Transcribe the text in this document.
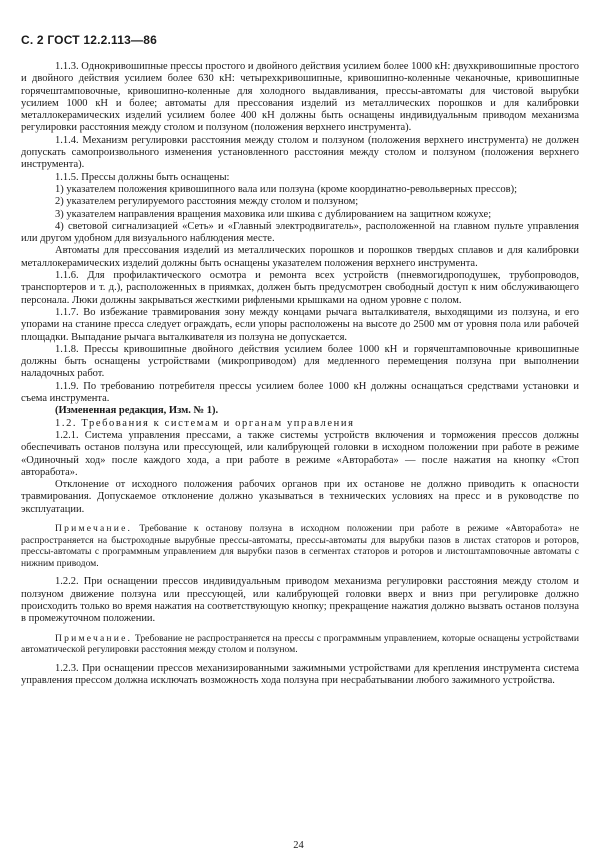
С. 2 ГОСТ 12.2.113—86

1.1.3. Однокривошипные прессы простого и двойного действия усилием более 1000 кН: двухкривошипные простого и двойного действия усилием более 630 кН: четырехкривошипные, кривошипно-коленные чеканочные, кривошипные горячештамповочные, кривошипно-коленные для холодного выдавливания, прессы-автоматы для чистовой вырубки усилием 1000 кН и более; автоматы для прессования изделий из металлических порошков и для калибровки металлокерамических изделий усилием более 400 кН должны быть оснащены индивидуальным приводом механизма регулировки расстояния между столом и ползуном (положения верхнего инструмента).

1.1.4. Механизм регулировки расстояния между столом и ползуном (положения верхнего инструмента) не должен допускать самопроизвольного изменения установленного расстояния между столом и ползуном (положения верхнего инструмента).

1.1.5. Прессы должны быть оснащены:

1) указателем положения кривошипного вала или ползуна (кроме координатно-револьверных прессов);

2) указателем регулируемого расстояния между столом и ползуном;

3) указателем направления вращения маховика или шкива с дублированием на защитном кожухе;

4) световой сигнализацией «Сеть» и «Главный электродвигатель», расположенной на главном пульте управления или другом удобном для визуального наблюдения месте.

Автоматы для прессования изделий из металлических порошков и порошков твердых сплавов и для калибровки металлокерамических изделий должны быть оснащены указателем положения верхнего инструмента.

1.1.6. Для профилактического осмотра и ремонта всех устройств (пневмогидроподушек, трубопроводов, транспортеров и т. д.), расположенных в приямках, должен быть предусмотрен свободный доступ к ним обслуживающего персонала. Люки должны закрываться жесткими рифлеными крышками на одном уровне с полом.

1.1.7. Во избежание травмирования зону между концами рычага выталкивателя, выходящими из ползуна, и его упорами на станине пресса следует ограждать, если упоры расположены на высоте до 2500 мм от уровня пола или рабочей площадки. Выпадание рычага выталкивателя из ползуна не допускается.

1.1.8. Прессы кривошипные двойного действия усилием более 1000 кН и горячештамповочные кривошипные должны быть оснащены устройствами (микроприводом) для медленного перемещения ползуна при выполнении наладочных работ.

1.1.9. По требованию потребителя прессы усилием более 1000 кН должны оснащаться средствами установки и съема инструмента.

(Измененная редакция, Изм. № 1).

1.2. Требования к системам и органам управления

1.2.1. Система управления прессами, а также системы устройств включения и торможения прессов должны обеспечивать останов ползуна или прессующей, или калибрующей головки в исходном положении при работе в режиме «Одиночный ход» после каждого хода, а при работе в режиме «Авторабота» — после нажатия на кнопку «Стоп авторабота».

Отклонение от исходного положения рабочих органов при их останове не должно приводить к опасности травмирования. Допускаемое отклонение должно указываться в технических условиях на пресс и в руководстве по эксплуатации.

Примечание. Требование к останову ползуна в исходном положении при работе в режиме «Авторабота» не распространяется на быстроходные вырубные прессы-автоматы, прессы-автоматы для вырубки пазов в листах статоров и роторов, прессы-автоматы с программным управлением для вырубки пазов в сегментах статоров и роторов и листоштамповочные автоматы с нижним приводом.

1.2.2. При оснащении прессов индивидуальным приводом механизма регулировки расстояния между столом и ползуном движение ползуна или прессующей, или калибрующей головки вверх и вниз при регулировке должно происходить только во время нажатия на соответствующую кнопку; прекращение нажатия должно вызвать останов ползуна в промежуточном положении.

Примечание. Требование не распространяется на прессы с программным управлением, которые оснащены устройствами автоматической регулировки расстояния между столом и ползуном.

1.2.3. При оснащении прессов механизированными зажимными устройствами для крепления инструмента система управления прессом должна исключать возможность хода ползуна при несрабатывании любого зажимного устройства.

24
